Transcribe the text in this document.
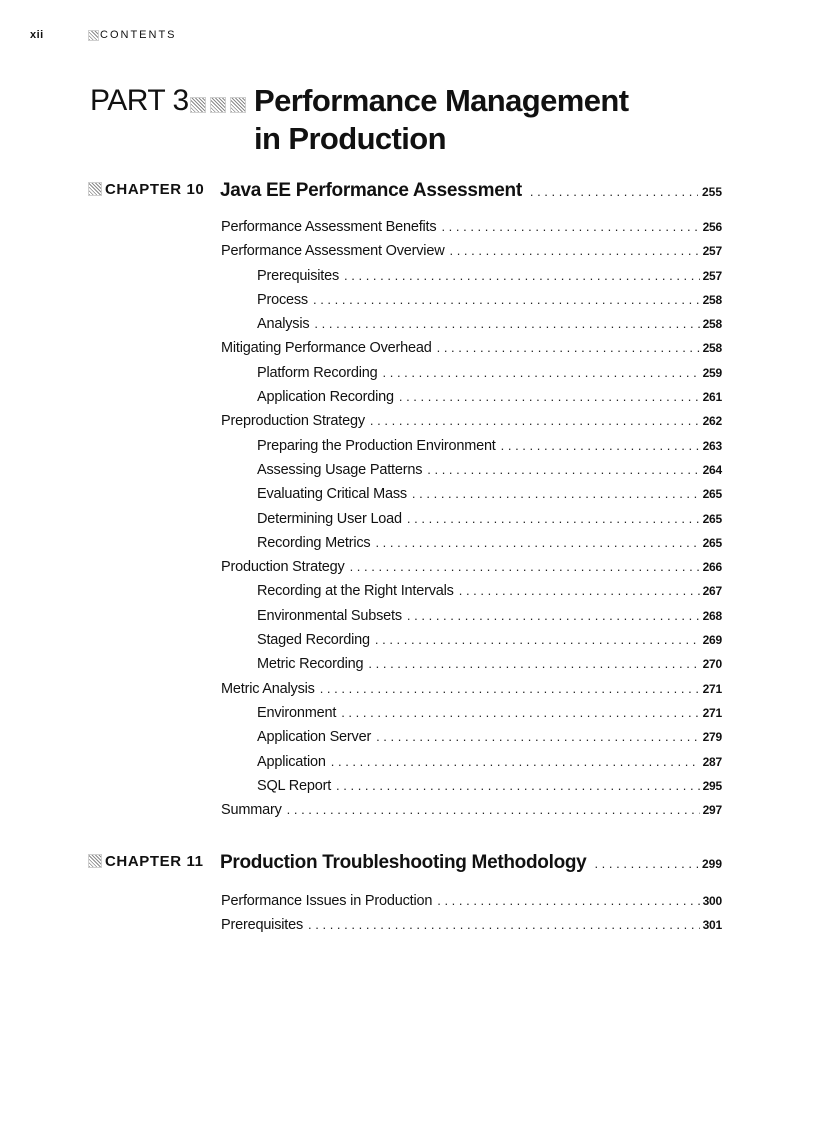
xii	CONTENTS
PART 3 Performance Management
in Production
CHAPTER 10 Java EE Performance Assessment . . .	255
Performance Assessment Benefits . . .	256
Performance Assessment Overview . . .	257
Prerequisites . . .	257
Process . . .	258
Analysis . . .	258
Mitigating Performance Overhead . . .	258
Platform Recording . . .	259
Application Recording . . .	261
Preproduction Strategy . . .	262
Preparing the Production Environment . . .	263
Assessing Usage Patterns . . .	264
Evaluating Critical Mass . . .	265
Determining User Load . . .	265
Recording Metrics . . .	265
Production Strategy . . .	266
Recording at the Right Intervals . . .	267
Environmental Subsets . . .	268
Staged Recording . . .	269
Metric Recording . . .	270
Metric Analysis . . .	271
Environment . . .	271
Application Server . . .	279
Application . . .	287
SQL Report . . .	295
Summary . . .	297
CHAPTER 11 Production Troubleshooting Methodology . . .	299
Performance Issues in Production . . .	300
Prerequisites . . .	301
